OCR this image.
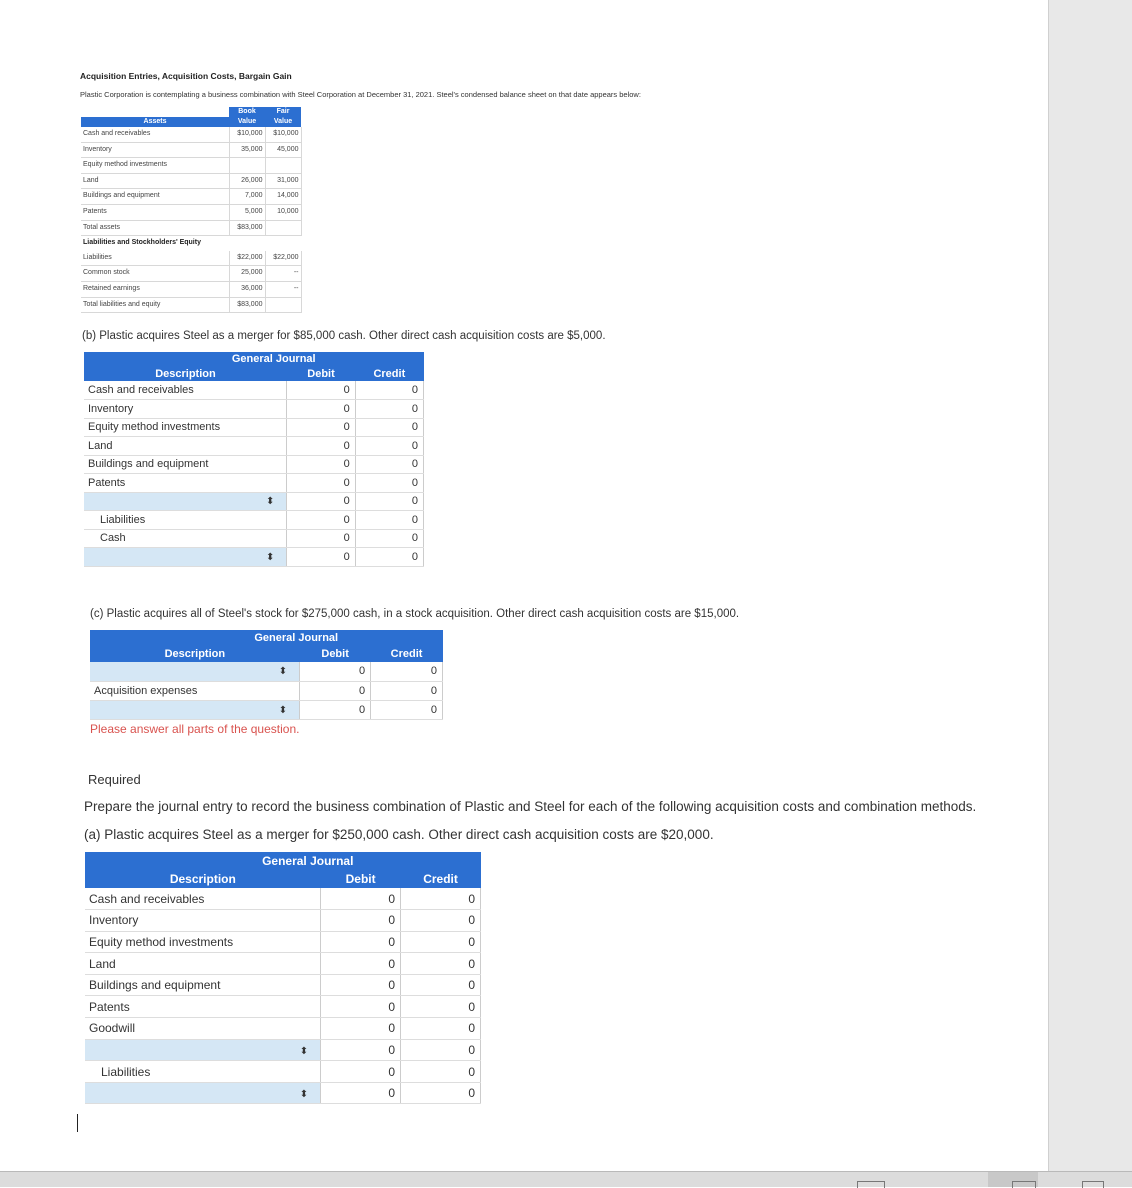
Acquisition Entries, Acquisition Costs, Bargain Gain
Plastic Corporation is contemplating a business combination with Steel Corporation at December 31, 2021. Steel's condensed balance sheet on that date appears below:
	Book	Fair
Assets	Value	Value
Cash and receivables	$10,000	$10,000
Inventory	35,000	45,000
Equity method investments		
Land	26,000	31,000
Buildings and equipment	7,000	14,000
Patents	5,000	10,000
Total assets	$83,000	
Liabilities and Stockholders' Equity		
Liabilities	$22,000	$22,000
Common stock	25,000	--
Retained earnings	36,000	--
Total liabilities and equity	$83,000	
(b) Plastic acquires Steel as a merger for $85,000 cash. Other direct cash acquisition costs are $5,000.
General Journal		
Description	Debit	Credit
Cash and receivables	0	0
Inventory	0	0
Equity method investments	0	0
Land	0	0
Buildings and equipment	0	0
Patents	0	0
⬍	0	0
Liabilities	0	0
Cash	0	0
⬍	0	0
(c) Plastic acquires all of Steel's stock for $275,000 cash, in a stock acquisition. Other direct cash acquisition costs are $15,000.
General Journal		
Description	Debit	Credit
⬍	0	0
Acquisition expenses	0	0
⬍	0	0
Please answer all parts of the question.
Required
Prepare the journal entry to record the business combination of Plastic and Steel for each of the following acquisition costs and combination methods.
(a) Plastic acquires Steel as a merger for $250,000 cash. Other direct cash acquisition costs are $20,000.
General Journal		
Description	Debit	Credit
Cash and receivables	0	0
Inventory	0	0
Equity method investments	0	0
Land	0	0
Buildings and equipment	0	0
Patents	0	0
Goodwill	0	0
⬍	0	0
Liabilities	0	0
⬍	0	0
